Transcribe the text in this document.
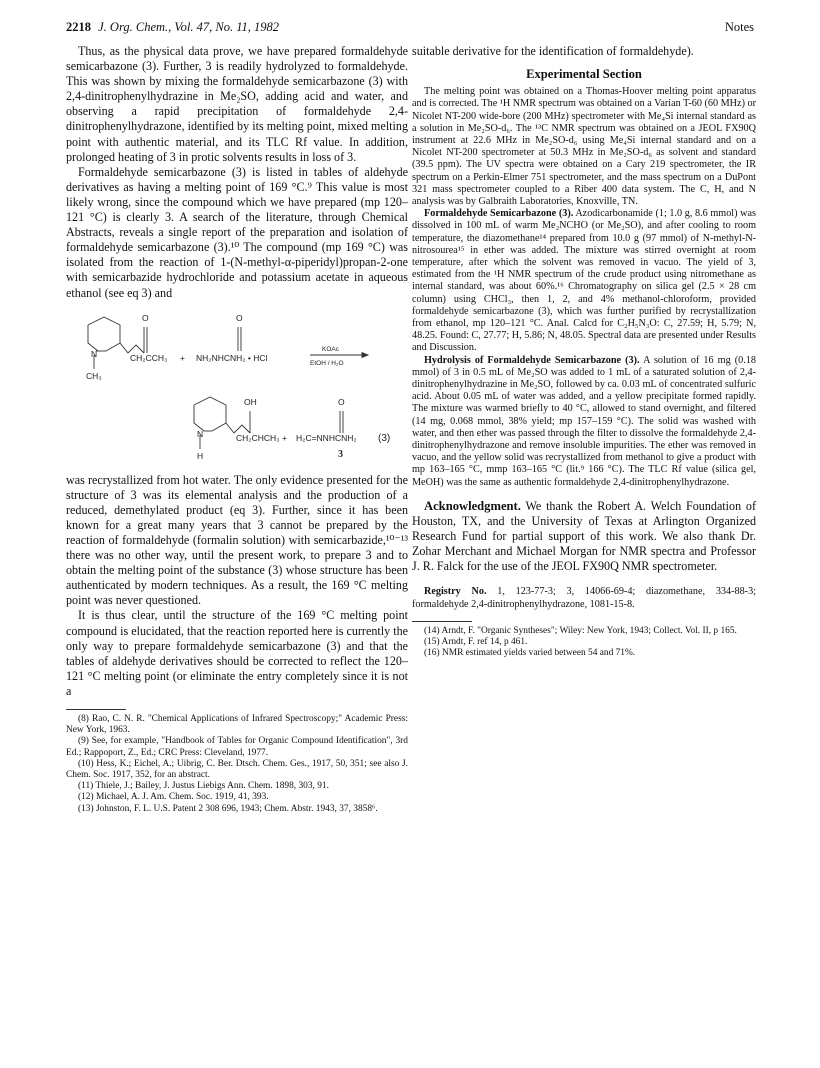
2218 J. Org. Chem., Vol. 47, No. 11, 1982	Notes

Thus, as the physical data prove, we have prepared formaldehyde semicarbazone (3). Further, 3 is readily hydrolyzed to formaldehyde. This was shown by mixing the formaldehyde semicarbazone (3) with 2,4-dinitrophenylhydrazine in Me₂SO, adding acid and water, and observing a rapid precipitation of formaldehyde 2,4-dinitrophenylhydrazone, identified by its melting point, mixed melting point with authentic material, and its TLC Rf value. In addition, prolonged heating of 3 in protic solvents results in loss of 3.

Formaldehyde semicarbazone (3) is listed in tables of aldehyde derivatives as having a melting point of 169 °C.⁹ This value is most likely wrong, since the compound which we have prepared (mp 120–121 °C) is clearly 3. A search of the literature, through Chemical Abstracts, reveals a single report of the preparation and isolation of formaldehyde semicarbazone (3).¹⁰ The compound (mp 169 °C) was isolated from the reaction of 1-(N-methyl-α-piperidyl)propan-2-one with semicarbazide hydrochloride and potassium acetate in aqueous ethanol (see eq 3) and

N
CH₃
O
CH₂CCH₃ +
O
NH₂NHCNH₂ • HCl
KOAc
EtOH / H₂O
N
H
OH
CH₂CHCH₃ +
O
H₂C=NNHCNH₂ (3)
3

was recrystallized from hot water. The only evidence presented for the structure of 3 was its elemental analysis and the production of a reduced, demethylated product (eq 3). Further, since it has been known for a great many years that 3 cannot be prepared by the reaction of formaldehyde (formalin solution) with semicarbazide,¹⁰⁻¹³ there was no other way, until the present work, to prepare 3 and to obtain the melting point of the substance (3) whose structure has been authenticated by modern techniques. As a result, the 169 °C melting point was never questioned.

It is thus clear, until the structure of the 169 °C melting point compound is elucidated, that the reaction reported here is currently the only way to prepare formaldehyde semicarbazone (3) and that the tables of aldehyde derivatives should be corrected to reflect the 120–121 °C melting point (or eliminate the entry completely since it is not a

(8) Rao, C. N. R. "Chemical Applications of Infrared Spectroscopy;" Academic Press: New York, 1963.

(9) See, for example, "Handbook of Tables for Organic Compound Identification", 3rd Ed.; Rappoport, Z., Ed.; CRC Press: Cleveland, 1977.

(10) Hess, K.; Eichel, A.; Uibrig, C. Ber. Dtsch. Chem. Ges., 1917, 50, 351; see also J. Chem. Soc. 1917, 352, for an abstract.

(11) Thiele, J.; Bailey, J. Justus Liebigs Ann. Chem. 1898, 303, 91.

(12) Michael, A. J. Am. Chem. Soc. 1919, 41, 393.

(13) Johnston, F. L. U.S. Patent 2 308 696, 1943; Chem. Abstr. 1943, 37, 3858⁶.

suitable derivative for the identification of formaldehyde).

Experimental Section

The melting point was obtained on a Thomas-Hoover melting point apparatus and is corrected. The ¹H NMR spectrum was obtained on a Varian T-60 (60 MHz) or Nicolet NT-200 wide-bore (200 MHz) spectrometer with Me₄Si internal standard as a solution in Me₂SO-d₆. The ¹³C NMR spectrum was obtained on a JEOL FX90Q instrument at 22.6 MHz in Me₂SO-d₆ using Me₄Si internal standard and on a Nicolet NT-200 spectrometer at 50.3 MHz in Me₂SO-d₆ as solvent and standard (39.5 ppm). The UV spectra were obtained on a Cary 219 spectrometer, the IR spectrum on a Perkin-Elmer 751 spectrometer, and the mass spectrum on a DuPont 321 mass spectrometer coupled to a Riber 400 data system. The C, H, and N analysis was by Galbraith Laboratories, Knoxville, TN.

Formaldehyde Semicarbazone (3). Azodicarbonamide (1; 1.0 g, 8.6 mmol) was dissolved in 100 mL of warm Me₂NCHO (or Me₂SO), and after cooling to room temperature, the diazomethane¹⁴ prepared from 10.0 g (97 mmol) of N-methyl-N-nitrosourea¹⁵ in ether was added. The mixture was stirred overnight at room temperature, after which the solvent was removed in vacuo. The yield of 3, estimated from the ¹H NMR spectrum of the crude product using nitromethane as internal standard, was about 60%.¹⁶ Chromatography on silica gel (2.5 × 28 cm column) using CHCl₃, then 1, 2, and 4% methanol-chloroform, provided formaldehyde semicarbazone (3), which was further purified by recrystallization from ethanol, mp 120–121 °C. Anal. Calcd for C₂H₅N₃O: C, 27.59; H, 5.79; N, 48.25. Found: C, 27.77; H, 5.86; N, 48.05. Spectral data are presented under Results and Discussion.

Hydrolysis of Formaldehyde Semicarbazone (3). A solution of 16 mg (0.18 mmol) of 3 in 0.5 mL of Me₂SO was added to 1 mL of a saturated solution of 2,4-dinitrophenylhydrazine in Me₂SO, followed by ca. 0.03 mL of concentrated sulfuric acid. About 0.05 mL of water was added, and a yellow precipitate formed rapidly. The mixture was warmed briefly to 40 °C, allowed to stand overnight, and filtered (14 mg, 0.068 mmol, 38% yield; mp 157–159 °C). The solid was washed with water, and then ether was passed through the filter to dissolve the formaldehyde 2,4-dinitrophenylhydrazone and remove insoluble impurities. The ether was removed in vacuo, and the yellow solid was recrystallized from methanol to give a product with mp 163–165 °C, mmp 163–165 °C (lit.⁹ 166 °C). The TLC Rf value (silica gel, MeOH) was the same as authentic formaldehyde 2,4-dinitrophenylhydrazone.

Acknowledgment. We thank the Robert A. Welch Foundation of Houston, TX, and the University of Texas at Arlington Organized Research Fund for partial support of this work. We also thank Dr. Zohar Merchant and Michael Morgan for NMR spectra and Professor J. R. Falck for the use of the JEOL FX90Q NMR spectrometer.

Registry No. 1, 123-77-3; 3, 14066-69-4; diazomethane, 334-88-3; formaldehyde 2,4-dinitrophenylhydrazone, 1081-15-8.

(14) Arndt, F. "Organic Syntheses"; Wiley: New York, 1943; Collect. Vol. II, p 165.

(15) Arndt, F. ref 14, p 461.

(16) NMR estimated yields varied between 54 and 71%.
